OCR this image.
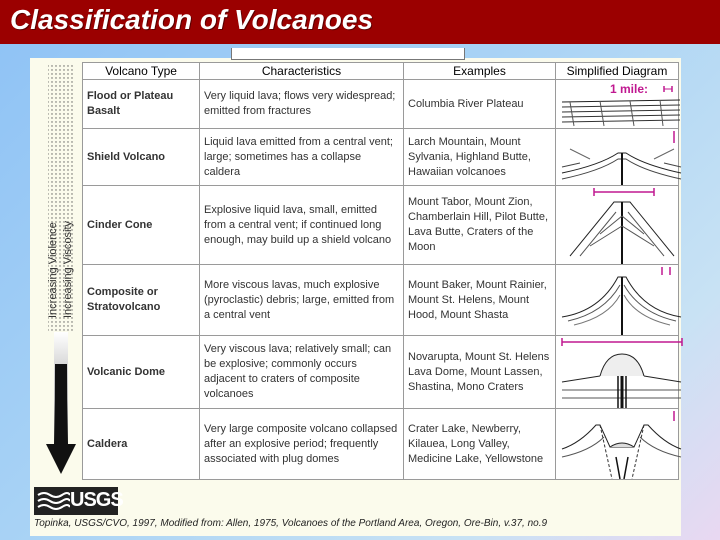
Classification of Volcanoes
Increasing Violence Increasing Viscosity
Volcano Type	Characteristics	Examples	Simplified Diagram
Flood or Plateau Basalt	Very liquid lava; flows very widespread; emitted from fractures	Columbia River Plateau	1 mile:

Shield Volcano	Liquid lava emitted from a central vent; large; sometimes has a collapse caldera	Larch Mountain, Mount Sylvania, Highland Butte, Hawaiian volcanoes	

Cinder Cone	Explosive liquid lava, small, emitted from a central vent; if continued long enough, may build up a shield volcano	Mount Tabor, Mount Zion, Chamberlain Hill, Pilot Butte, Lava Butte, Craters of the Moon	

Composite or Stratovolcano	More viscous lavas, much explosive (pyroclastic) debris; large, emitted from a central vent	Mount Baker, Mount Rainier, Mount St. Helens, Mount Hood, Mount Shasta	

Volcanic Dome	Very viscous lava; relatively small; can be explosive; commonly occurs adjacent to craters of composite volcanoes	Novarupta, Mount St. Helens Lava Dome, Mount Lassen, Shastina, Mono Craters	

Caldera	Very large composite volcano collapsed after an explosive period; frequently associated with plug domes	Crater Lake, Newberry, Kilauea, Long Valley, Medicine Lake, Yellowstone	
USGS
Topinka, USGS/CVO, 1997, Modified from: Allen, 1975, Volcanoes of the Portland Area, Oregon, Ore-Bin, v.37, no.9
